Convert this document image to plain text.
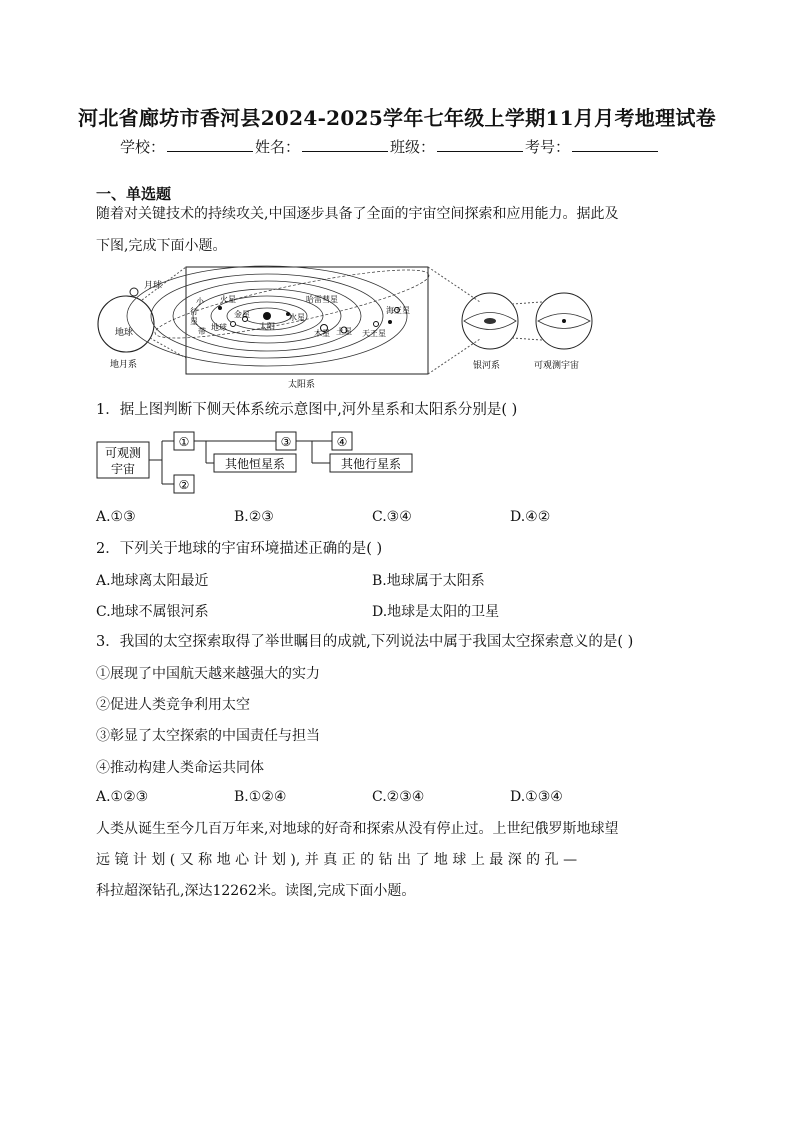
河北省廊坊市香河县2024-2025学年七年级上学期11月月考地理试卷
学校：	姓名：	班级：	考号：
一、单选题
随着对关键技术的持续攻关,中国逐步具备了全面的宇宙空间探索和应用能力。据此及
下图,完成下面小题。
月球
地球
地月系
火星
小
行
星
带
金星
地球	太阳
水星
哈雷彗星
木星 土星
海王星
天王星
太阳系
银河系	可观测宇宙
1．据上图判断下侧天体系统示意图中,河外星系和太阳系分别是( )
可观测
宇宙
①
②
③
其他恒星系
④
其他行星系
A.①③	B.②③	C.③④	D.④②
2．下列关于地球的宇宙环境描述正确的是( )
A.地球离太阳最近	B.地球属于太阳系
C.地球不属银河系	D.地球是太阳的卫星
3．我国的太空探索取得了举世瞩目的成就,下列说法中属于我国太空探索意义的是( )
①展现了中国航天越来越强大的实力
②促进人类竞争利用太空
③彰显了太空探索的中国责任与担当
④推动构建人类命运共同体
A.①②③	B.①②④	C.②③④	D.①③④
人类从诞生至今几百万年来,对地球的好奇和探索从没有停止过。上世纪俄罗斯地球望
远 镜 计 划 ( 又 称 地 心 计 划 ), 并 真 正 的 钻 出 了 地 球 上 最 深 的 孔 —
科拉超深钻孔,深达12262米。读图,完成下面小题。
